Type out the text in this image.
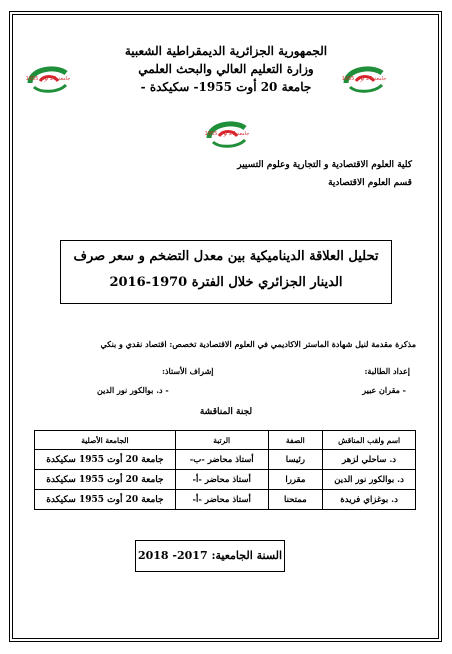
الجمهورية الجزائرية الديمقراطية الشعبية
وزارة التعليم العالي والبحث العلمي
جامعة 20 أوت 1955- سكيكدة -
جامعة 20 أوت 1955	جامعة 20 أوت 1955
جامعة 20 أوت 1955
كلية العلوم الاقتصادية و التجارية وعلوم التسيير
قسم العلوم الاقتصادية
تحليل العلاقة الديناميكية بين معدل التضخم و سعر صرف
الدينار الجزائري خلال الفترة 1970-2016
مذكرة مقدمة لنيل شهادة الماستر الاكاديمي في العلوم الاقتصادية تخصص: اقتصاد نقدي و بنكي
إعداد الطالبة:
إشراف الأستاذ:
- مقران عبير
- د. بوالكور نور الدين
لجنة المناقشة
اسم ولقب المناقش	الصفة	الرتبة	الجامعة الأصلية
د. ساحلي لزهر	رئيسا	أستاذ محاضر -ب-	جامعة 20 أوت 1955 سكيكدة
د. بوالكور نور الدين	مقررا	أستاذ محاضر -أ-	جامعة 20 أوت 1955 سكيكدة
د. بوغزاي فريدة	ممتحنا	أستاذ محاضر -أ-	جامعة 20 أوت 1955 سكيكدة
السنة الجامعية: 2017- 2018
